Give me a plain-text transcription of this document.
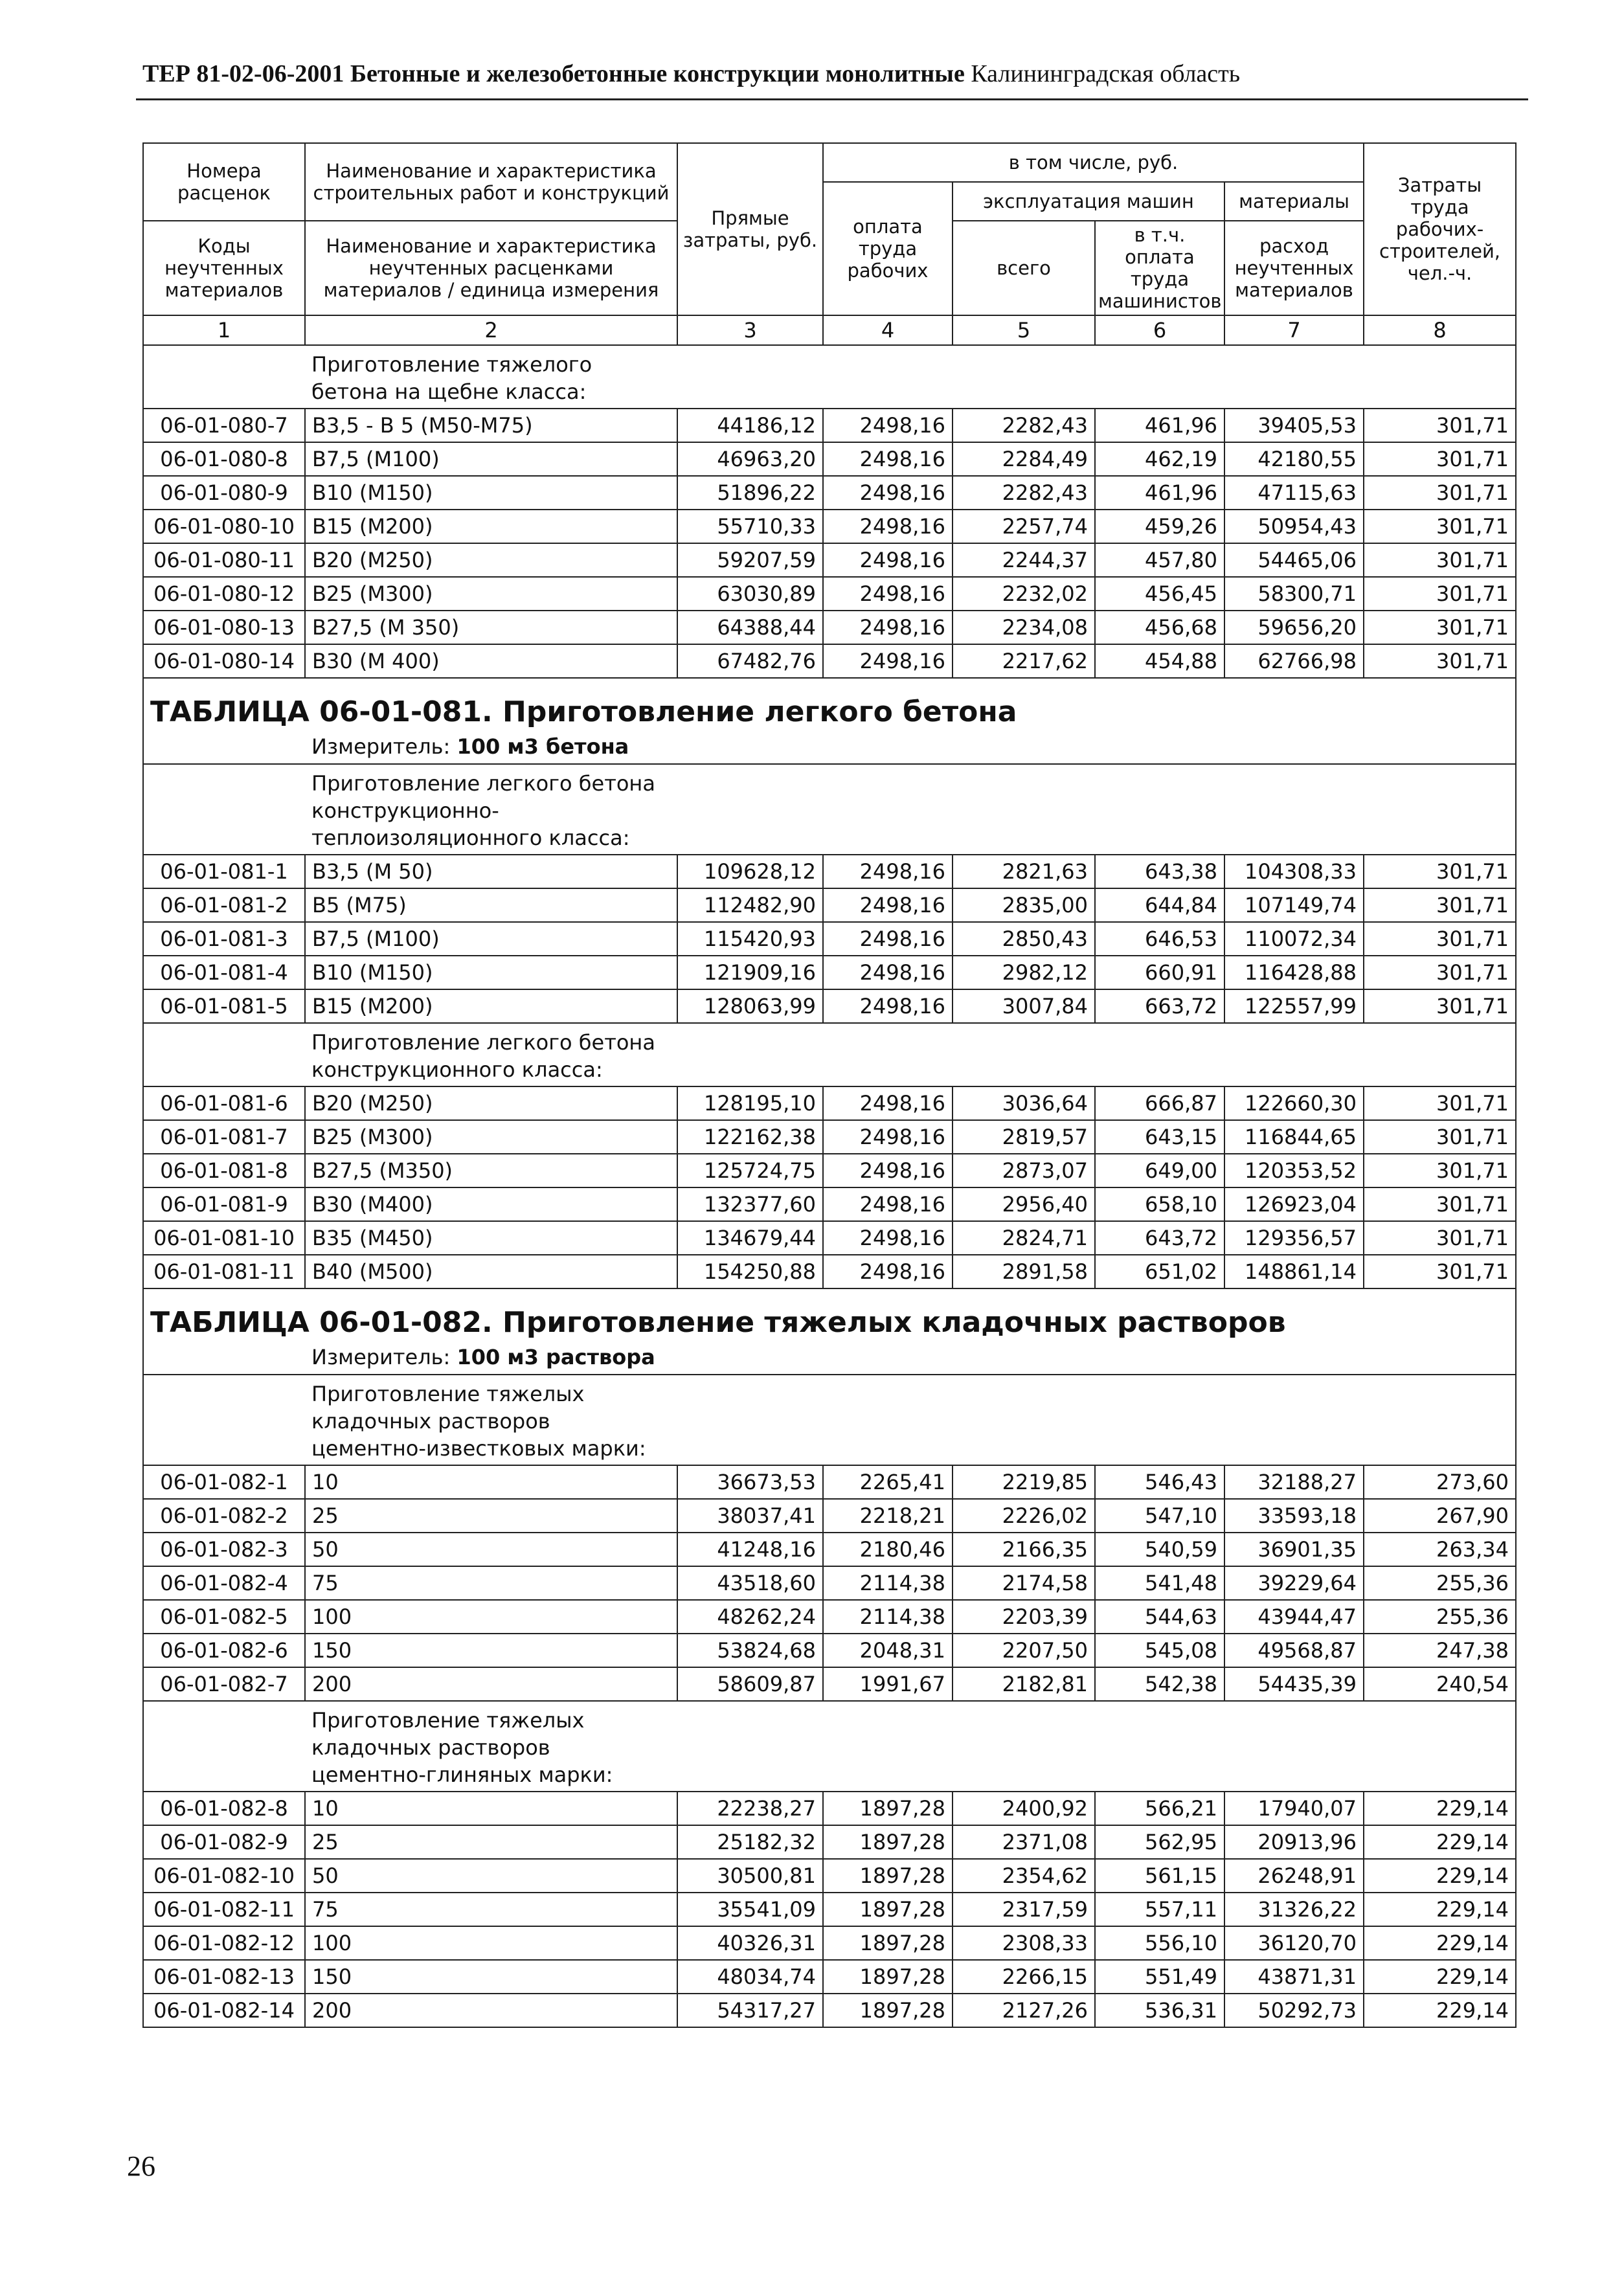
ТЕР 81-02-06-2001 Бетонные и железобетонные конструкции монолитные Калининградская область
Номера расценок	Наименование и характеристика строительных работ и конструкций	Прямые затраты, руб.	в том числе, руб.				Затраты труда рабочих-строителей, чел.-ч.
			оплата труда рабочих	эксплуатация машин		материалы	
Коды неучтенных материалов	Наименование и характеристика неучтенных расценками материалов / единица измерения			всего	в т.ч. оплата труда машинистов	расход неучтенных материалов	

1	2	3	4	5	6	7	8
	Приготовление тяжелого бетона на щебне класса:						
06-01-080-7	В3,5 - В 5 (М50-М75)	44186,12	2498,16	2282,43	461,96	39405,53	301,71
06-01-080-8	В7,5 (М100)	46963,20	2498,16	2284,49	462,19	42180,55	301,71
06-01-080-9	В10 (М150)	51896,22	2498,16	2282,43	461,96	47115,63	301,71
06-01-080-10	В15 (М200)	55710,33	2498,16	2257,74	459,26	50954,43	301,71
06-01-080-11	В20 (М250)	59207,59	2498,16	2244,37	457,80	54465,06	301,71
06-01-080-12	В25 (М300)	63030,89	2498,16	2232,02	456,45	58300,71	301,71
06-01-080-13	В27,5 (М 350)	64388,44	2498,16	2234,08	456,68	59656,20	301,71
06-01-080-14	В30 (М 400)	67482,76	2498,16	2217,62	454,88	62766,98	301,71
ТАБЛИЦА 06-01-081. Приготовление легкого бетона							
	Измеритель: 100 м3 бетона						
	Приготовление легкого бетона конструкционно-теплоизоляционного класса:						
06-01-081-1	В3,5 (М 50)	109628,12	2498,16	2821,63	643,38	104308,33	301,71
06-01-081-2	В5 (М75)	112482,90	2498,16	2835,00	644,84	107149,74	301,71
06-01-081-3	В7,5 (М100)	115420,93	2498,16	2850,43	646,53	110072,34	301,71
06-01-081-4	В10 (М150)	121909,16	2498,16	2982,12	660,91	116428,88	301,71
06-01-081-5	В15 (М200)	128063,99	2498,16	3007,84	663,72	122557,99	301,71
	Приготовление легкого бетона конструкционного класса:						
06-01-081-6	В20 (М250)	128195,10	2498,16	3036,64	666,87	122660,30	301,71
06-01-081-7	В25 (М300)	122162,38	2498,16	2819,57	643,15	116844,65	301,71
06-01-081-8	В27,5 (М350)	125724,75	2498,16	2873,07	649,00	120353,52	301,71
06-01-081-9	В30 (М400)	132377,60	2498,16	2956,40	658,10	126923,04	301,71
06-01-081-10	В35 (М450)	134679,44	2498,16	2824,71	643,72	129356,57	301,71
06-01-081-11	В40 (М500)	154250,88	2498,16	2891,58	651,02	148861,14	301,71
ТАБЛИЦА 06-01-082. Приготовление тяжелых кладочных растворов							
	Измеритель: 100 м3 раствора						
	Приготовление тяжелых кладочных растворов цементно-известковых марки:						
06-01-082-1	10	36673,53	2265,41	2219,85	546,43	32188,27	273,60
06-01-082-2	25	38037,41	2218,21	2226,02	547,10	33593,18	267,90
06-01-082-3	50	41248,16	2180,46	2166,35	540,59	36901,35	263,34
06-01-082-4	75	43518,60	2114,38	2174,58	541,48	39229,64	255,36
06-01-082-5	100	48262,24	2114,38	2203,39	544,63	43944,47	255,36
06-01-082-6	150	53824,68	2048,31	2207,50	545,08	49568,87	247,38
06-01-082-7	200	58609,87	1991,67	2182,81	542,38	54435,39	240,54
	Приготовление тяжелых кладочных растворов цементно-глиняных марки:						
06-01-082-8	10	22238,27	1897,28	2400,92	566,21	17940,07	229,14
06-01-082-9	25	25182,32	1897,28	2371,08	562,95	20913,96	229,14
06-01-082-10	50	30500,81	1897,28	2354,62	561,15	26248,91	229,14
06-01-082-11	75	35541,09	1897,28	2317,59	557,11	31326,22	229,14
06-01-082-12	100	40326,31	1897,28	2308,33	556,10	36120,70	229,14
06-01-082-13	150	48034,74	1897,28	2266,15	551,49	43871,31	229,14
06-01-082-14	200	54317,27	1897,28	2127,26	536,31	50292,73	229,14
26
